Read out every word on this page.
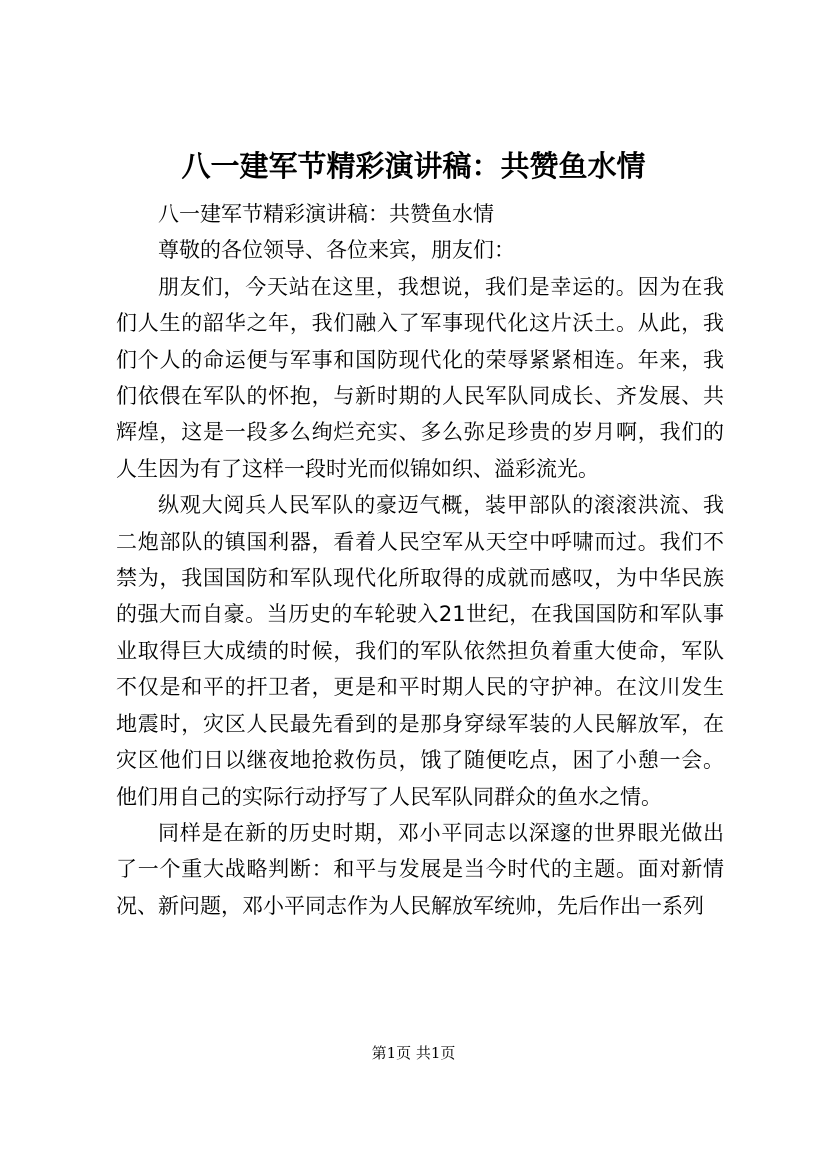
八一建军节精彩演讲稿：共赞鱼水情

八一建军节精彩演讲稿：共赞鱼水情

尊敬的各位领导、各位来宾，朋友们：

朋友们，今天站在这里，我想说，我们是幸运的。因为在我们人生的韶华之年，我们融入了军事现代化这片沃土。从此，我们个人的命运便与军事和国防现代化的荣辱紧紧相连。年来，我们依偎在军队的怀抱，与新时期的人民军队同成长、齐发展、共辉煌，这是一段多么绚烂充实、多么弥足珍贵的岁月啊，我们的人生因为有了这样一段时光而似锦如织、溢彩流光。

纵观大阅兵人民军队的豪迈气概，装甲部队的滚滚洪流、我二炮部队的镇国利器，看着人民空军从天空中呼啸而过。我们不禁为，我国国防和军队现代化所取得的成就而感叹，为中华民族的强大而自豪。当历史的车轮驶入21世纪，在我国国防和军队事业取得巨大成绩的时候，我们的军队依然担负着重大使命，军队不仅是和平的扞卫者，更是和平时期人民的守护神。在汶川发生地震时，灾区人民最先看到的是那身穿绿军装的人民解放军，在灾区他们日以继夜地抢救伤员，饿了随便吃点，困了小憩一会。他们用自己的实际行动抒写了人民军队同群众的鱼水之情。

同样是在新的历史时期，邓小平同志以深邃的世界眼光做出了一个重大战略判断：和平与发展是当今时代的主题。面对新情况、新问题，邓小平同志作为人民解放军统帅，先后作出一系列

第1页 共1页
